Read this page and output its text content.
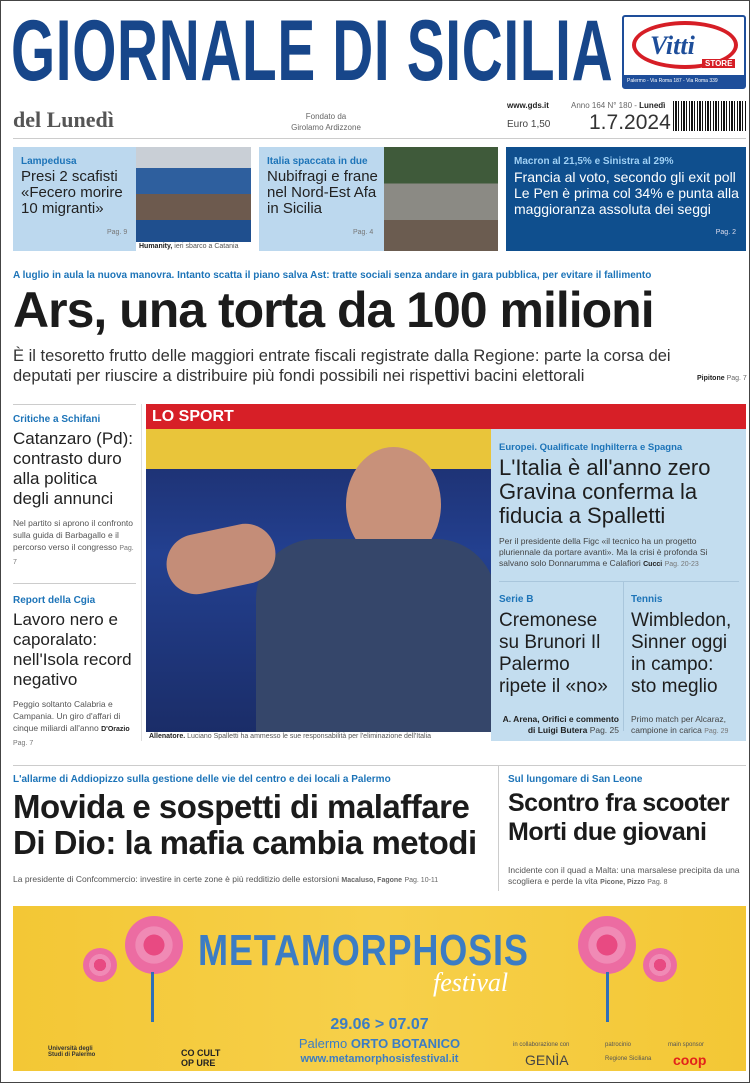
GIORNALE DI SICILIA Vitti
STORE
Palermo - Via Roma 187 - Via Roma 339
del Lunedì	Fondato da
Girolamo Ardizzone
www.gds.it
Euro 1,50
Anno 164 N° 180 - Lunedì
1.7.2024
Lampedusa
Presi 2 scafisti «Fecero morire 10 migranti»
Pag. 9
Humanity, ieri sbarco a Catania
Italia spaccata in due
Nubifragi e frane nel Nord-Est Afa in Sicilia
Pag. 4
Macron al 21,5% e Sinistra al 29%
Francia al voto, secondo gli exit poll Le Pen è prima col 34% e punta alla maggioranza assoluta dei seggi
Pag. 2
A luglio in aula la nuova manovra. Intanto scatta il piano salva Ast: tratte sociali senza andare in gara pubblica, per evitare il fallimento
Ars, una torta da 100 milioni
È il tesoretto frutto delle maggiori entrate fiscali registrate dalla Regione: parte la corsa dei deputati per riuscire a distribuire più fondi possibili nei rispettivi bacini elettorali	Pipitone Pag. 7
Critiche a Schifani
Catanzaro (Pd): contrasto duro alla politica degli annunci

Nel partito si aprono il confronto sulla guida di Barbagallo e il percorso verso il congresso Pag. 7

Report della Cgia
Lavoro nero e caporalato: nell'Isola record negativo

Peggio soltanto Calabria e Campania. Un giro d'affari di cinque miliardi all'anno D'Orazio Pag. 7

LO SPORT
Allenatore. Luciano Spalletti ha ammesso le sue responsabilità per l'eliminazione dell'Italia
Europei. Qualificate Inghilterra e Spagna
L'Italia è all'anno zero Gravina conferma la fiducia a Spalletti

Per il presidente della Figc «il tecnico ha un progetto pluriennale da portare avanti». Ma la crisi è profonda Si salvano solo Donnarumma e Calafiori Cucci Pag. 20-23

Serie B
Cremonese su Brunori Il Palermo ripete il «no»

A. Arena, Orifici e commento di Luigi Butera Pag. 25

Tennis
Wimbledon, Sinner oggi in campo: sto meglio

Primo match per Alcaraz, campione in carica Pag. 29

L'allarme di Addiopizzo sulla gestione delle vie del centro e dei locali a Palermo
Movida e sospetti di malaffare Di Dio: la mafia cambia metodi
La presidente di Confcommercio: investire in certe zone è più redditizio delle estorsioni Macaluso, Fagone Pag. 10-11
Sul lungomare di San Leone
Scontro fra scooter Morti due giovani
Incidente con il quad a Malta: una marsalese precipita da una scogliera e perde la vita Picone, Pizzo Pag. 8
METAMORPHOSIS
festival
29.06 > 07.07
Palermo ORTO BOTANICO
www.metamorphosisfestival.it
Università degli Studi di Palermo	CO CULT OP URE
in collaborazione con
GENÌA
patrocinio
Regione Siciliana
main sponsor
coop
